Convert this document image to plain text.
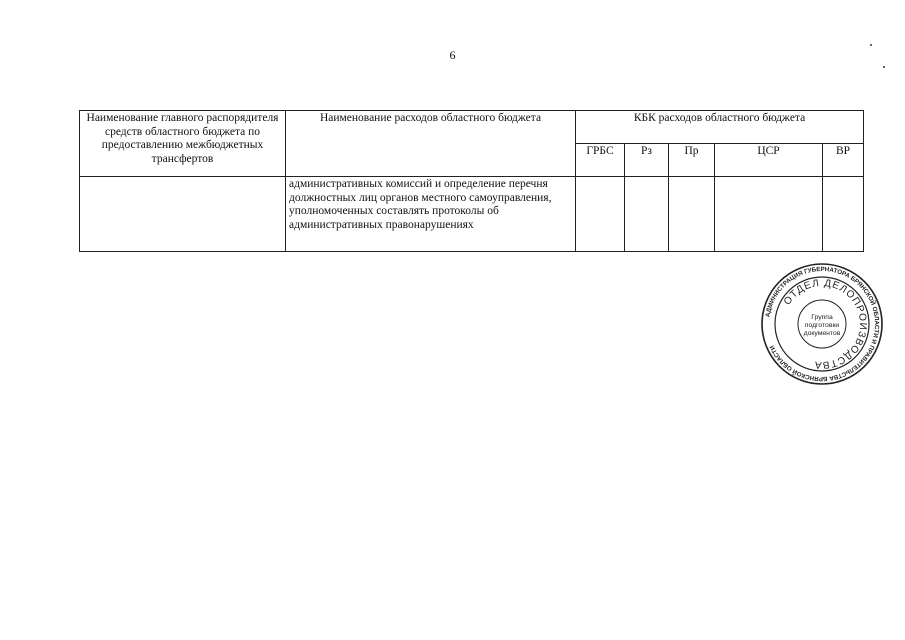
6
Наименование главного распорядителя средств областного бюджета по предоставлению межбюджетных трансфертов	Наименование расходов областного бюджета	КБК расходов областного бюджета				
		ГРБС	Рз	Пр	ЦСР	ВР
	административных комиссий и определение перечня должностных лиц органов местного самоуправления, уполномоченных составлять протоколы об административных правонарушениях					
АДМИНИСТРАЦИЯ ГУБЕРНАТОРА БРЯНСКОЙ ОБЛАСТИ И ПРАВИТЕЛЬСТВА БРЯНСКОЙ ОБЛАСТИ
ОТДЕЛ ДЕЛОПРОИЗВОДСТВА
Группа
подготовки
документов
